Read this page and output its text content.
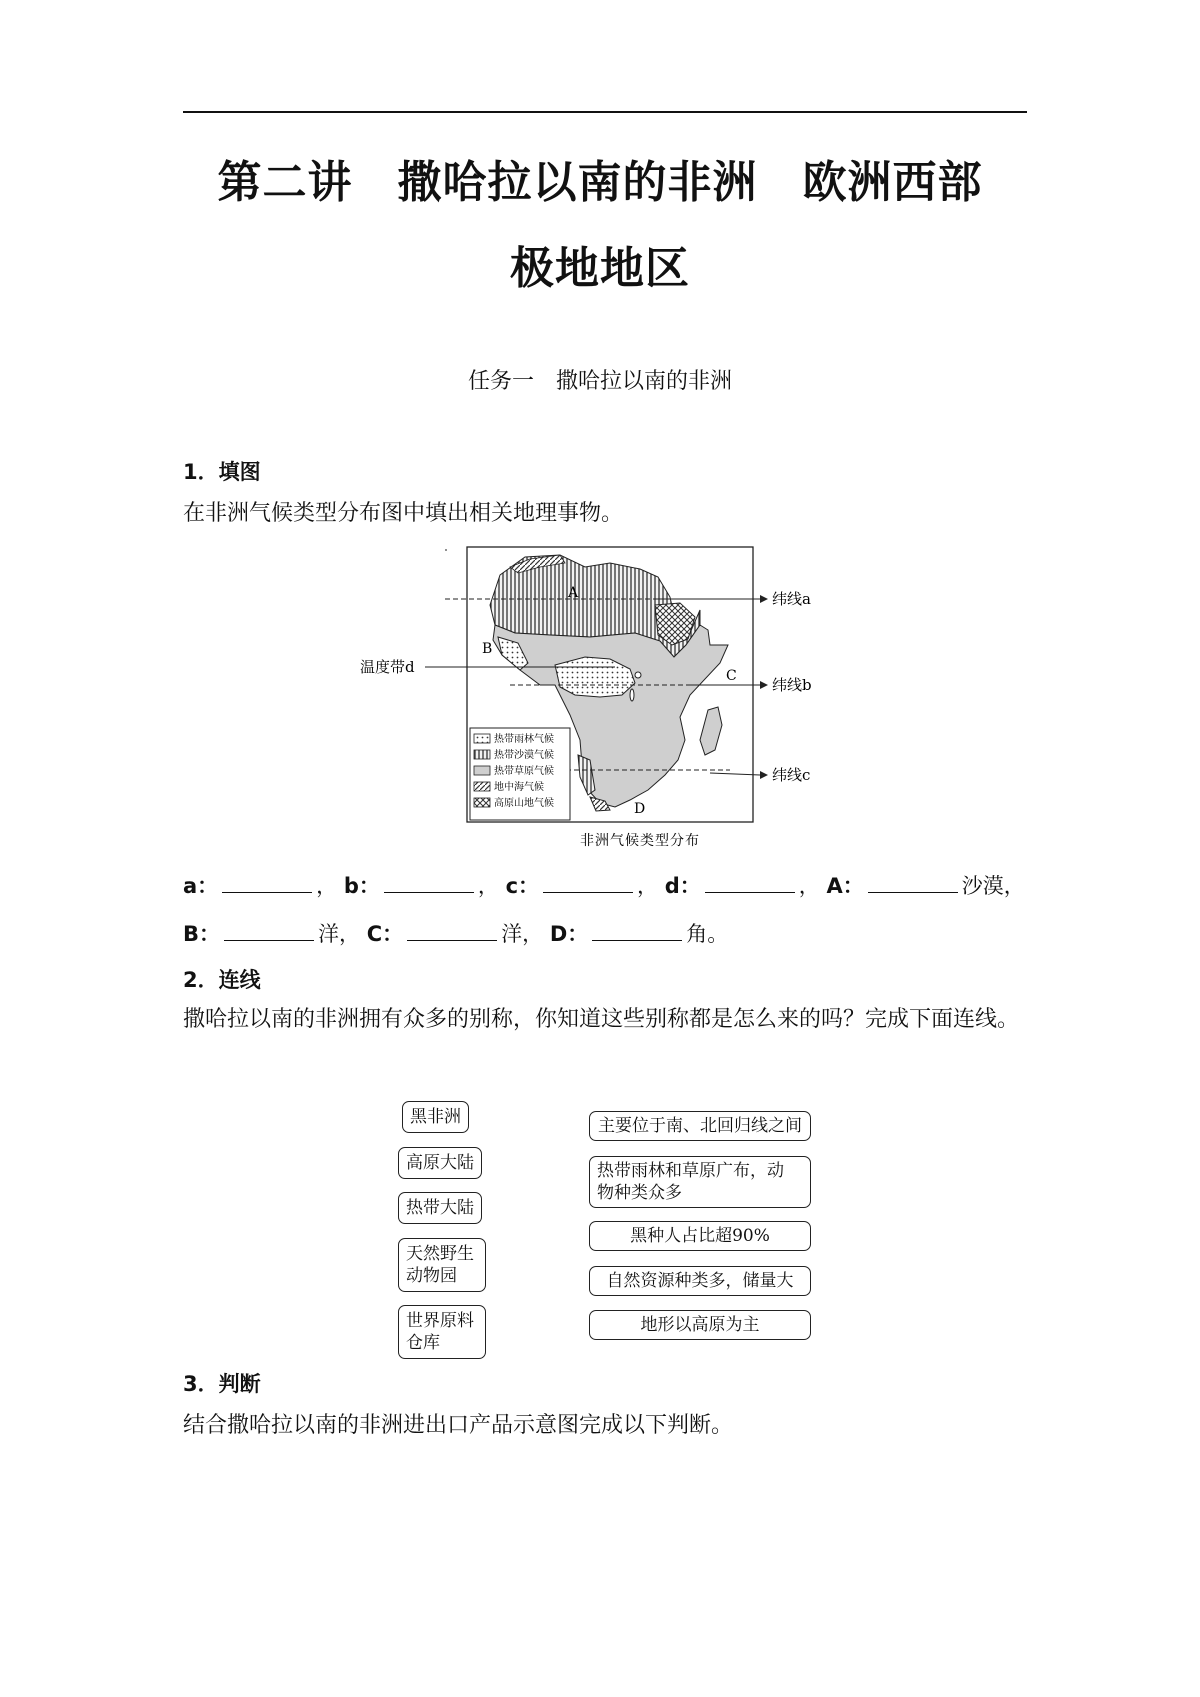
第二讲　撒哈拉以南的非洲　欧洲西部
极地地区
任务一　撒哈拉以南的非洲
1．填图
在非洲气候类型分布图中填出相关地理事物。
热带雨林气候
热带沙漠气候
热带草原气候
地中海气候
高原山地气候
A
B
C
D
纬线a
纬线b
纬线c
温度带d
非洲气候类型分布
a：	， b：	， c：	， d：	， A：	沙漠，
B：	洋， C：	洋， D：	角。
2．连线
撒哈拉以南的非洲拥有众多的别称，你知道这些别称都是怎么来的吗？完成下面连线。
黑非洲
高原大陆
热带大陆
天然野生
动物园
世界原料
仓库
主要位于南、北回归线之间
热带雨林和草原广布，动
物种类众多
黑种人占比超90%
自然资源种类多，储量大
地形以高原为主
3．判断
结合撒哈拉以南的非洲进出口产品示意图完成以下判断。
